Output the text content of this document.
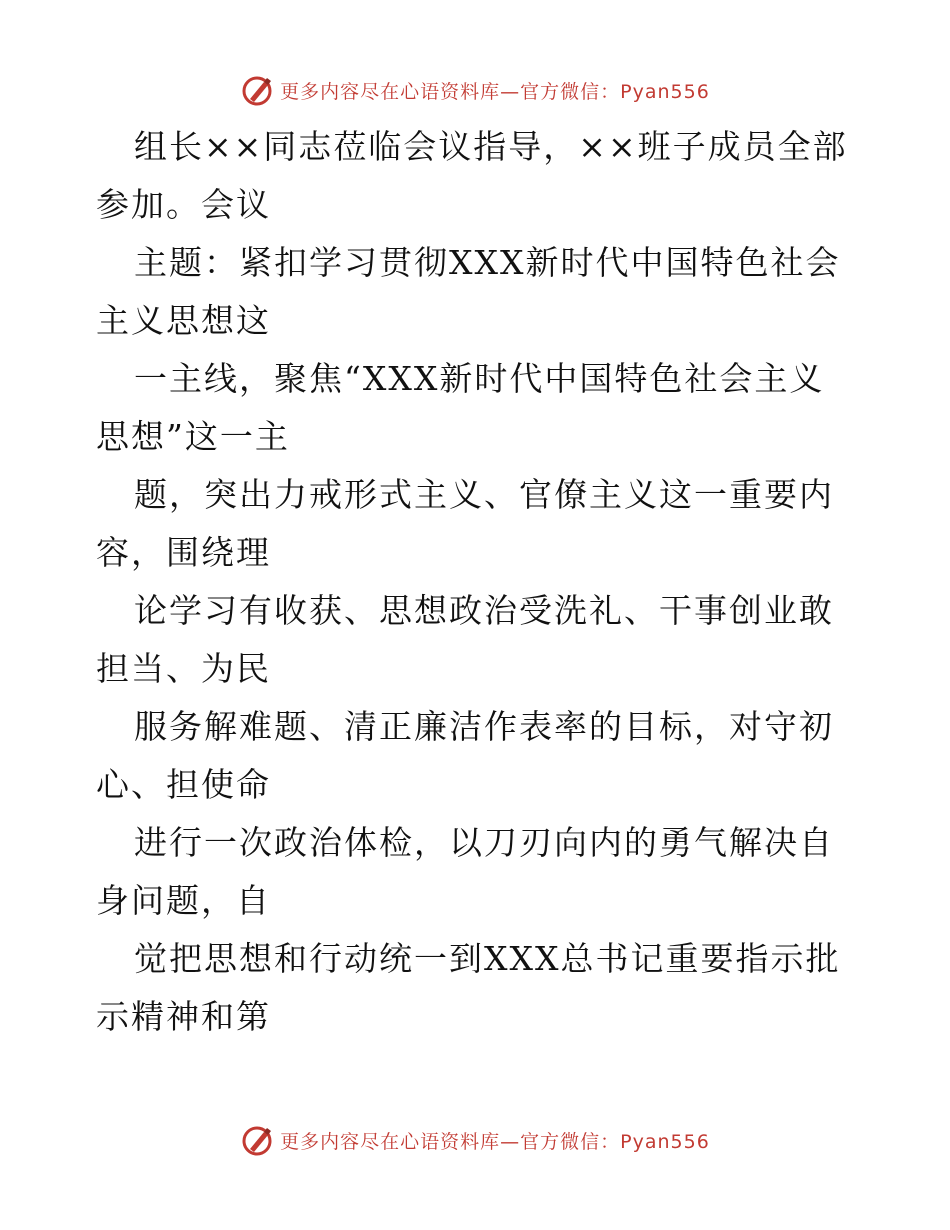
更多内容尽在心语资料库—官方微信：Pyan556

组长××同志莅临会议指导，××班子成员全部参加。会议

主题：紧扣学习贯彻XXX新时代中国特色社会主义思想这

一主线，聚焦“XXX新时代中国特色社会主义思想”这一主

题，突出力戒形式主义、官僚主义这一重要内容，围绕理

论学习有收获、思想政治受洗礼、干事创业敢担当、为民

服务解难题、清正廉洁作表率的目标，对守初心、担使命

进行一次政治体检，以刀刃向内的勇气解决自身问题，自

觉把思想和行动统一到XXX总书记重要指示批示精神和第

更多内容尽在心语资料库—官方微信：Pyan556
